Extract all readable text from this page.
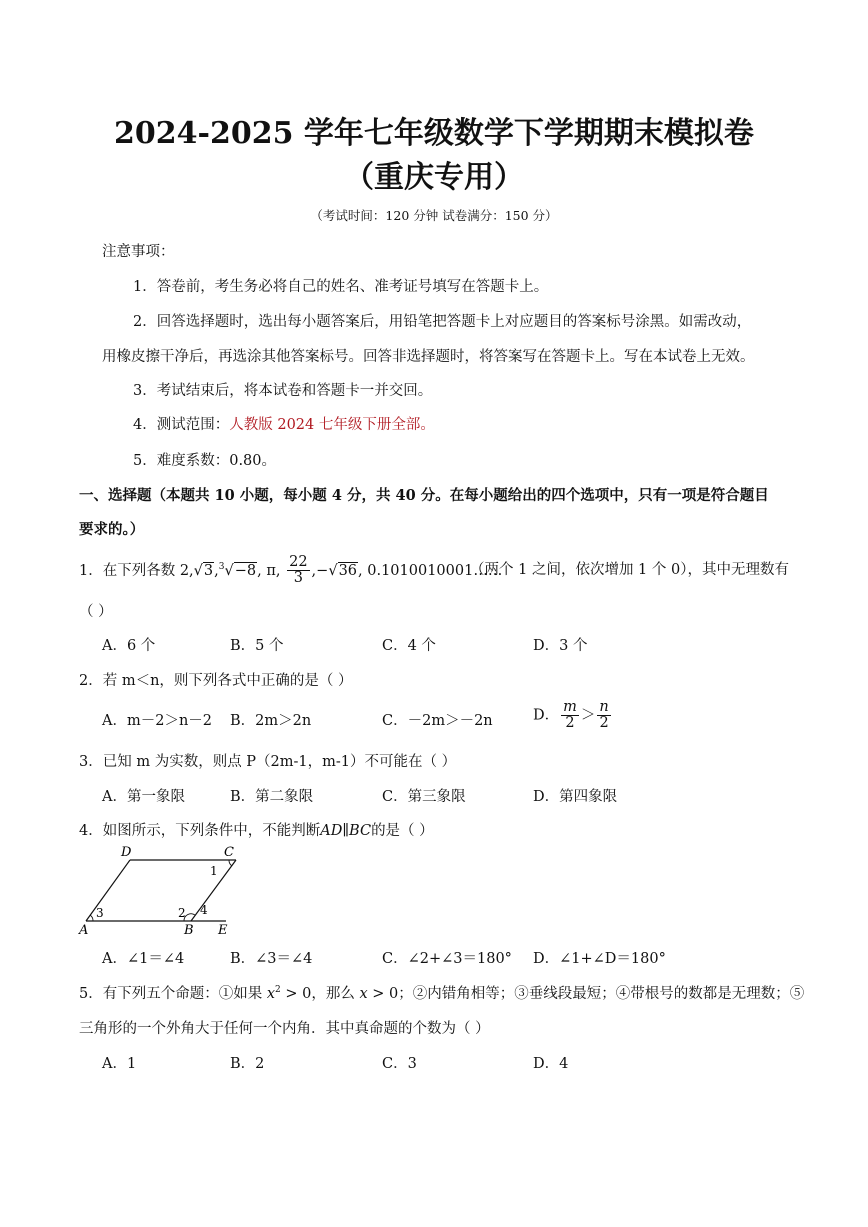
2024-2025 学年七年级数学下学期期末模拟卷
（重庆专用）
（考试时间：120 分钟 试卷满分：150 分）
注意事项：
1．答卷前，考生务必将自己的姓名、准考证号填写在答题卡上。
2．回答选择题时，选出每小题答案后，用铅笔把答题卡上对应题目的答案标号涂黑。如需改动，
用橡皮擦干净后，再选涂其他答案标号。回答非选择题时，将答案写在答题卡上。写在本试卷上无效。
3．考试结束后，将本试卷和答题卡一并交回。
4．测试范围：人教版 2024 七年级下册全部。
5．难度系数：0.80。
一、选择题（本题共 10 小题，每小题 4 分，共 40 分。在每小题给出的四个选项中，只有一项是符合题目
要求的。）
1．在下列各数 2,√3,$^3$√−8, π, $\frac{22}{3} ,-√36$, 0.1010010001……
（两个 1 之间，依次增加 1 个 0），其中无理数有
（ ）
A．6 个	B．5 个	C．4 个	D．3 个
2．若 m＜n，则下列各式中正确的是（ ）
A．m－2＞n－2 B．2m＞2n	C．－2m＞－2n	D． $\frac{m}{2} > \frac{n}{2}$
3．已知 m 为实数，则点 P（2m-1，m-1）不可能在（ ）
A．第一象限	B．第二象限	C．第三象限	D．第四象限
4．如图所示，下列条件中，不能判断AD∥BC的是（ ）
D	C
A	B E
1
2
3	4
A．∠1＝∠4	B．∠3＝∠4	C．∠2+∠3＝180° D．∠1+∠D＝180°
5．有下列五个命题：①如果 $x^2 > 0$，那么 x > 0；②内错角相等；③垂线段最短；④带根号的数都是无理数；⑤
三角形的一个外角大于任何一个内角．其中真命题的个数为（ ）
A．1	B．2	C．3	D．4
